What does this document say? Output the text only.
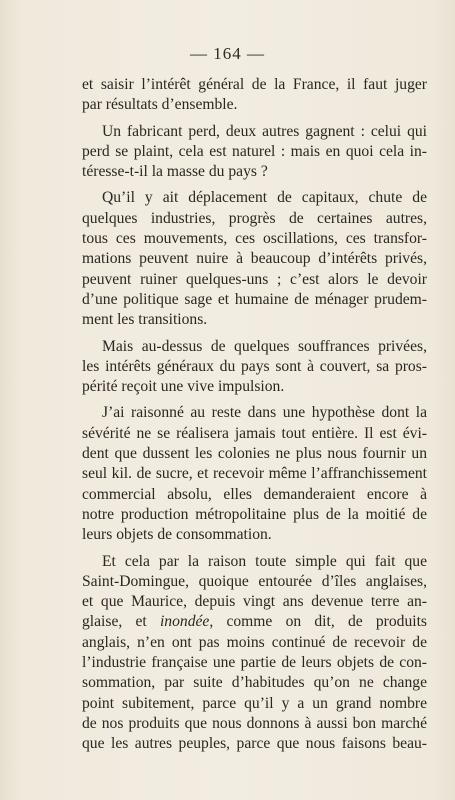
— 164 —
et saisir l’intérêt général de la France, il faut juger
par résultats d’ensemble.
Un fabricant perd, deux autres gagnent : celui qui
perd se plaint, cela est naturel : mais en quoi cela in-
téresse-t-il la masse du pays ?
Qu’il y ait déplacement de capitaux, chute de
quelques industries, progrès de certaines autres,
tous ces mouvements, ces oscillations, ces transfor-
mations peuvent nuire à beaucoup d’intérêts privés,
peuvent ruiner quelques-uns ; c’est alors le devoir
d’une politique sage et humaine de ménager prudem-
ment les transitions.
Mais au-dessus de quelques souffrances privées,
les intérêts généraux du pays sont à couvert, sa pros-
périté reçoit une vive impulsion.
J’ai raisonné au reste dans une hypothèse dont la
sévérité ne se réalisera jamais tout entière. Il est évi-
dent que dussent les colonies ne plus nous fournir un
seul kil. de sucre, et recevoir même l’affranchissement
commercial absolu, elles demanderaient encore à
notre production métropolitaine plus de la moitié de
leurs objets de consommation.
Et cela par la raison toute simple qui fait que
Saint-Domingue, quoique entourée d’îles anglaises,
et que Maurice, depuis vingt ans devenue terre an-
glaise, et inondée, comme on dit, de produits
anglais, n’en ont pas moins continué de recevoir de
l’industrie française une partie de leurs objets de con-
sommation, par suite d’habitudes qu’on ne change
point subitement, parce qu’il y a un grand nombre
de nos produits que nous donnons à aussi bon marché
que les autres peuples, parce que nous faisons beau-
